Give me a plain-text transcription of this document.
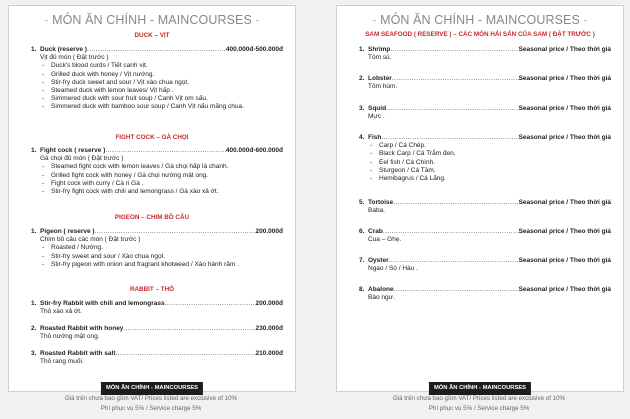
- MÓN ĂN CHÍNH - MAINCOURSES -
DUCK – VỊT
1. Duck (reserve ) .....	400.000đ-500.000đ
Vịt đủ món ( Đặt trước )
- Duck's blood curds / Tiết canh vịt.
- Grilled duck with honey / Vịt nướng.
- Stir-fry duck sweet and sour / Vịt xào chua ngọt.
- Steamed duck with lemon leaves/ Vịt hấp .
- Simmered duck with sour fruit soup / Canh Vịt om sấu.
- Simmered duck with bamboo sour soup / Canh Vịt nấu măng chua.
FIGHT COCK – GÀ CHỌI
1. Fight cock ( reserve ) .....	400.000đ-600.000đ
Gà chọi đủ món ( Đặt trước )
- Steamed fight cock with lemon leaves / Gà chọi hấp lá chanh.
- Grilled fight cock with honey / Gà chọi nướng mật ong.
- Fight cock with curry / Cà ri Gà .
- Stir-fry fight cock with chili and lemongrass / Gà xào xả ớt.
PIGEON – CHIM BỒ CÂU
1. Pigeon ( reserve ) .....	200.000đ
Chim bồ câu các món ( Đặt trước )
- Roasted / Nướng.
- Stir-fry sweet and sour / Xào chua ngọt.
- Stir-fry pigeon with onion and fragrant khotweed / Xào hành răm .
RABBIT – THỎ
1. Stir-fry Rabbit with chili and lemongrass .....	200.000đ
Thỏ xào xả ớt.
2. Roasted Rabbit with honey .....	230.000đ
Thỏ nướng mật ong.
3. Roasted Rabbit with salt .....	210.000đ
Thỏ rang muối.
MÓN ĂN CHÍNH - MAINCOURSES
Giá trên chưa bao gồm VAT/ Prices listed are exclusive of 10%
Phí phục vụ 5% / Service charge 5%
- MÓN ĂN CHÍNH - MAINCOURSES -
SAM SEAFOOD ( RESERVE ) – CÁC MÓN HẢI SẢN CỦA SAM ( ĐẶT TRƯỚC )
1. Shrimp .....	Seasonal price / Theo thời giá
Tôm sú.
2. Lobster .....	Seasonal price / Theo thời giá
Tôm hùm.
3. Squid .....	Seasonal price / Theo thời giá
Mực .
4. Fish .....	Seasonal price / Theo thời giá
- Carp / Cá Chép.
- Black Carp / Cá Trắm đen.
- Eel fish / Cá Chình.
- Sturgeon / Cá Tầm.
- Hemibagrus / Cá Lăng.
5. Tortoise .....	Seasonal price / Theo thời giá
Baba.
6. Crab .....	Seasonal price / Theo thời giá
Cua – Ghẹ.
7. Oyster .....	Seasonal price / Theo thời giá
Ngao / Sò / Hàu .
8. Abalone .....	Seasonal price / Theo thời giá
Bào ngư.
MÓN ĂN CHÍNH - MAINCOURSES
Giá trên chưa bao gồm VAT/ Prices listed are exclusive of 10%
Phí phục vụ 5% / Service charge 5%
